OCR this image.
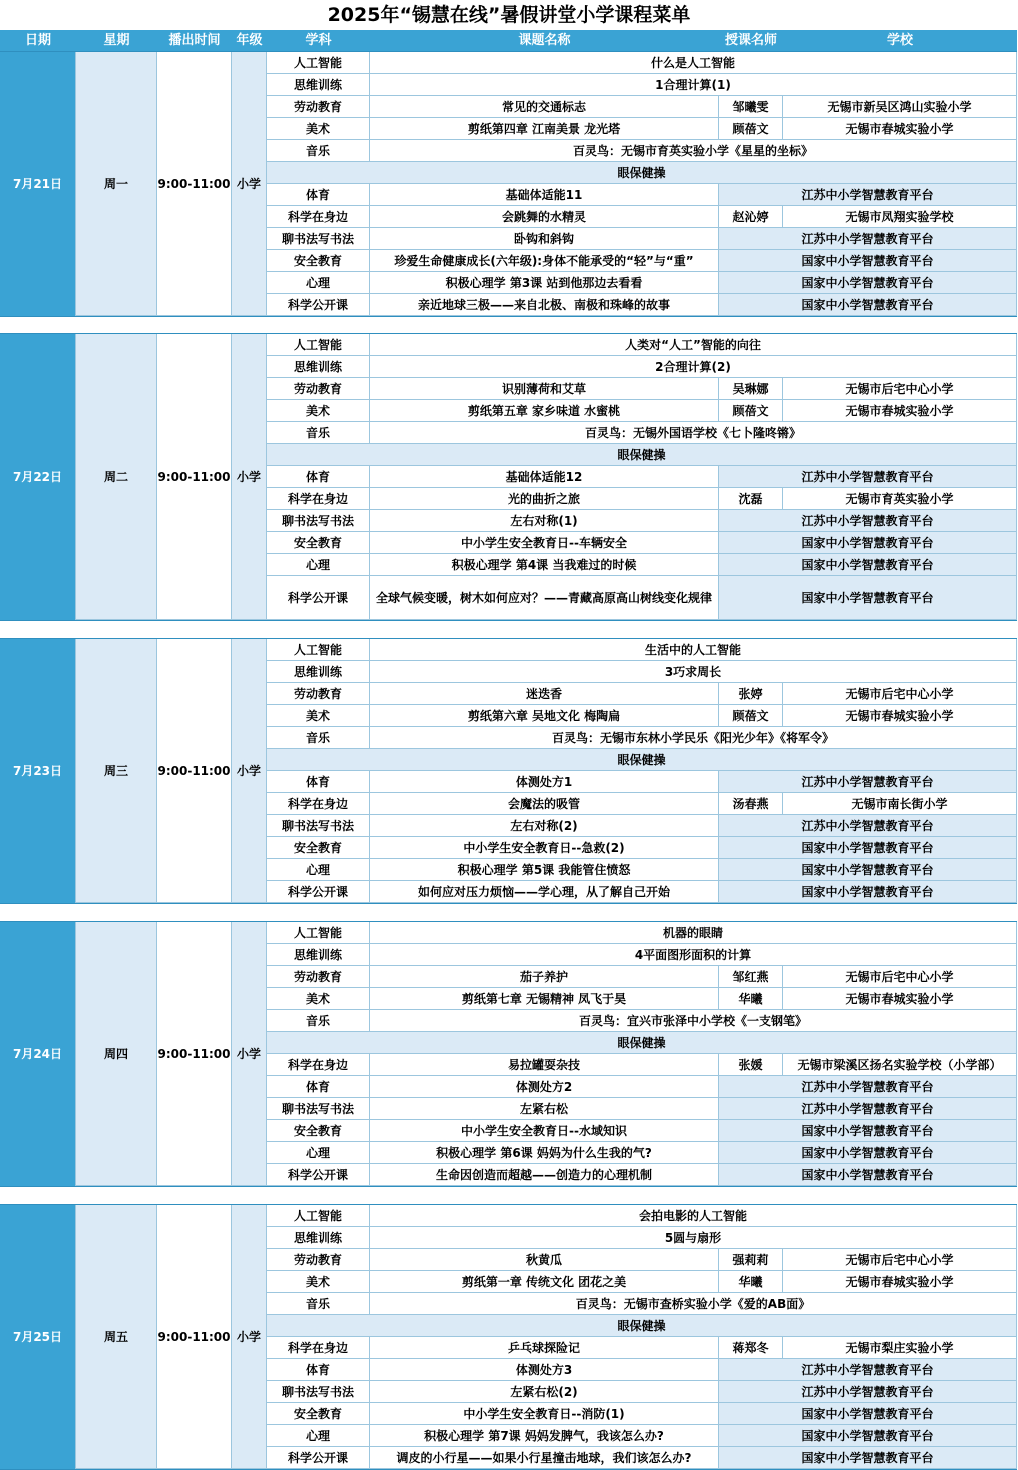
2025年“锡慧在线”暑假讲堂小学课程菜单
日期	星期	播出时间	年级	学科	课题名称	授课名师	学校
7月21日	周一	9:00-11:00 小学
人工智能	什么是人工智能
思维训练	1合理计算(1)
劳动教育	常见的交通标志	邹曦雯	无锡市新吴区鸿山实验小学
美术	剪纸第四章 江南美景 龙光塔	顾蓓文	无锡市春城实验小学
音乐	百灵鸟：无锡市育英实验小学《星星的坐标》
眼保健操
体育	基础体适能11	江苏中小学智慧教育平台
科学在身边	会跳舞的水精灵	赵沁婷	无锡市凤翔实验学校
聊书法写书法	卧钩和斜钩	江苏中小学智慧教育平台
安全教育	珍爱生命健康成长(六年级):身体不能承受的“轻”与“重”	国家中小学智慧教育平台
心理	积极心理学 第3课 站到他那边去看看	国家中小学智慧教育平台
科学公开课	亲近地球三极——来自北极、南极和珠峰的故事	国家中小学智慧教育平台
7月22日	周二	9:00-11:00 小学
人工智能	人类对“人工”智能的向往
思维训练	2合理计算(2)
劳动教育	识别薄荷和艾草	吴琳娜	无锡市后宅中心小学
美术	剪纸第五章 家乡味道 水蜜桃	顾蓓文	无锡市春城实验小学
音乐	百灵鸟：无锡外国语学校《七卜隆咚锵》
眼保健操
体育	基础体适能12	江苏中小学智慧教育平台
科学在身边	光的曲折之旅	沈磊	无锡市育英实验小学
聊书法写书法	左右对称(1)	江苏中小学智慧教育平台
安全教育	中小学生安全教育日--车辆安全	国家中小学智慧教育平台
心理	积极心理学 第4课 当我难过的时候	国家中小学智慧教育平台
科学公开课	全球气候变暖，树木如何应对？——青藏高原高山树线变化规律	国家中小学智慧教育平台
7月23日	周三	9:00-11:00 小学
人工智能	生活中的人工智能
思维训练	3巧求周长
劳动教育	迷迭香	张婷	无锡市后宅中心小学
美术	剪纸第六章 吴地文化 梅陶扁	顾蓓文	无锡市春城实验小学
音乐	百灵鸟：无锡市东林小学民乐《阳光少年》《将军令》
眼保健操
体育	体测处方1	江苏中小学智慧教育平台
科学在身边	会魔法的吸管	汤春燕	无锡市南长街小学
聊书法写书法	左右对称(2)	江苏中小学智慧教育平台
安全教育	中小学生安全教育日--急救(2)	国家中小学智慧教育平台
心理	积极心理学 第5课 我能管住愤怒	国家中小学智慧教育平台
科学公开课	如何应对压力烦恼——学心理，从了解自己开始	国家中小学智慧教育平台
7月24日	周四	9:00-11:00 小学
人工智能	机器的眼睛
思维训练	4平面图形面积的计算
劳动教育	茄子养护	邹红燕	无锡市后宅中心小学
美术	剪纸第七章 无锡精神 凤飞于昊	华曦	无锡市春城实验小学
音乐	百灵鸟：宜兴市张泽中小学校《一支钢笔》
眼保健操
科学在身边	易拉罐耍杂技	张媛	无锡市梁溪区扬名实验学校（小学部）
体育	体测处方2	江苏中小学智慧教育平台
聊书法写书法	左紧右松	江苏中小学智慧教育平台
安全教育	中小学生安全教育日--水域知识	国家中小学智慧教育平台
心理	积极心理学 第6课 妈妈为什么生我的气?	国家中小学智慧教育平台
科学公开课	生命因创造而超越——创造力的心理机制	国家中小学智慧教育平台
7月25日	周五	9:00-11:00 小学
人工智能	会拍电影的人工智能
思维训练	5圆与扇形
劳动教育	秋黄瓜	强莉莉	无锡市后宅中心小学
美术	剪纸第一章 传统文化 团花之美	华曦	无锡市春城实验小学
音乐	百灵鸟：无锡市查桥实验小学《爱的AB面》
眼保健操
科学在身边	乒乓球探险记	蒋郑冬	无锡市梨庄实验小学
体育	体测处方3	江苏中小学智慧教育平台
聊书法写书法	左紧右松(2)	江苏中小学智慧教育平台
安全教育	中小学生安全教育日--消防(1)	国家中小学智慧教育平台
心理	积极心理学 第7课 妈妈发脾气，我该怎么办?	国家中小学智慧教育平台
科学公开课	调皮的小行星——如果小行星撞击地球，我们该怎么办?	国家中小学智慧教育平台
